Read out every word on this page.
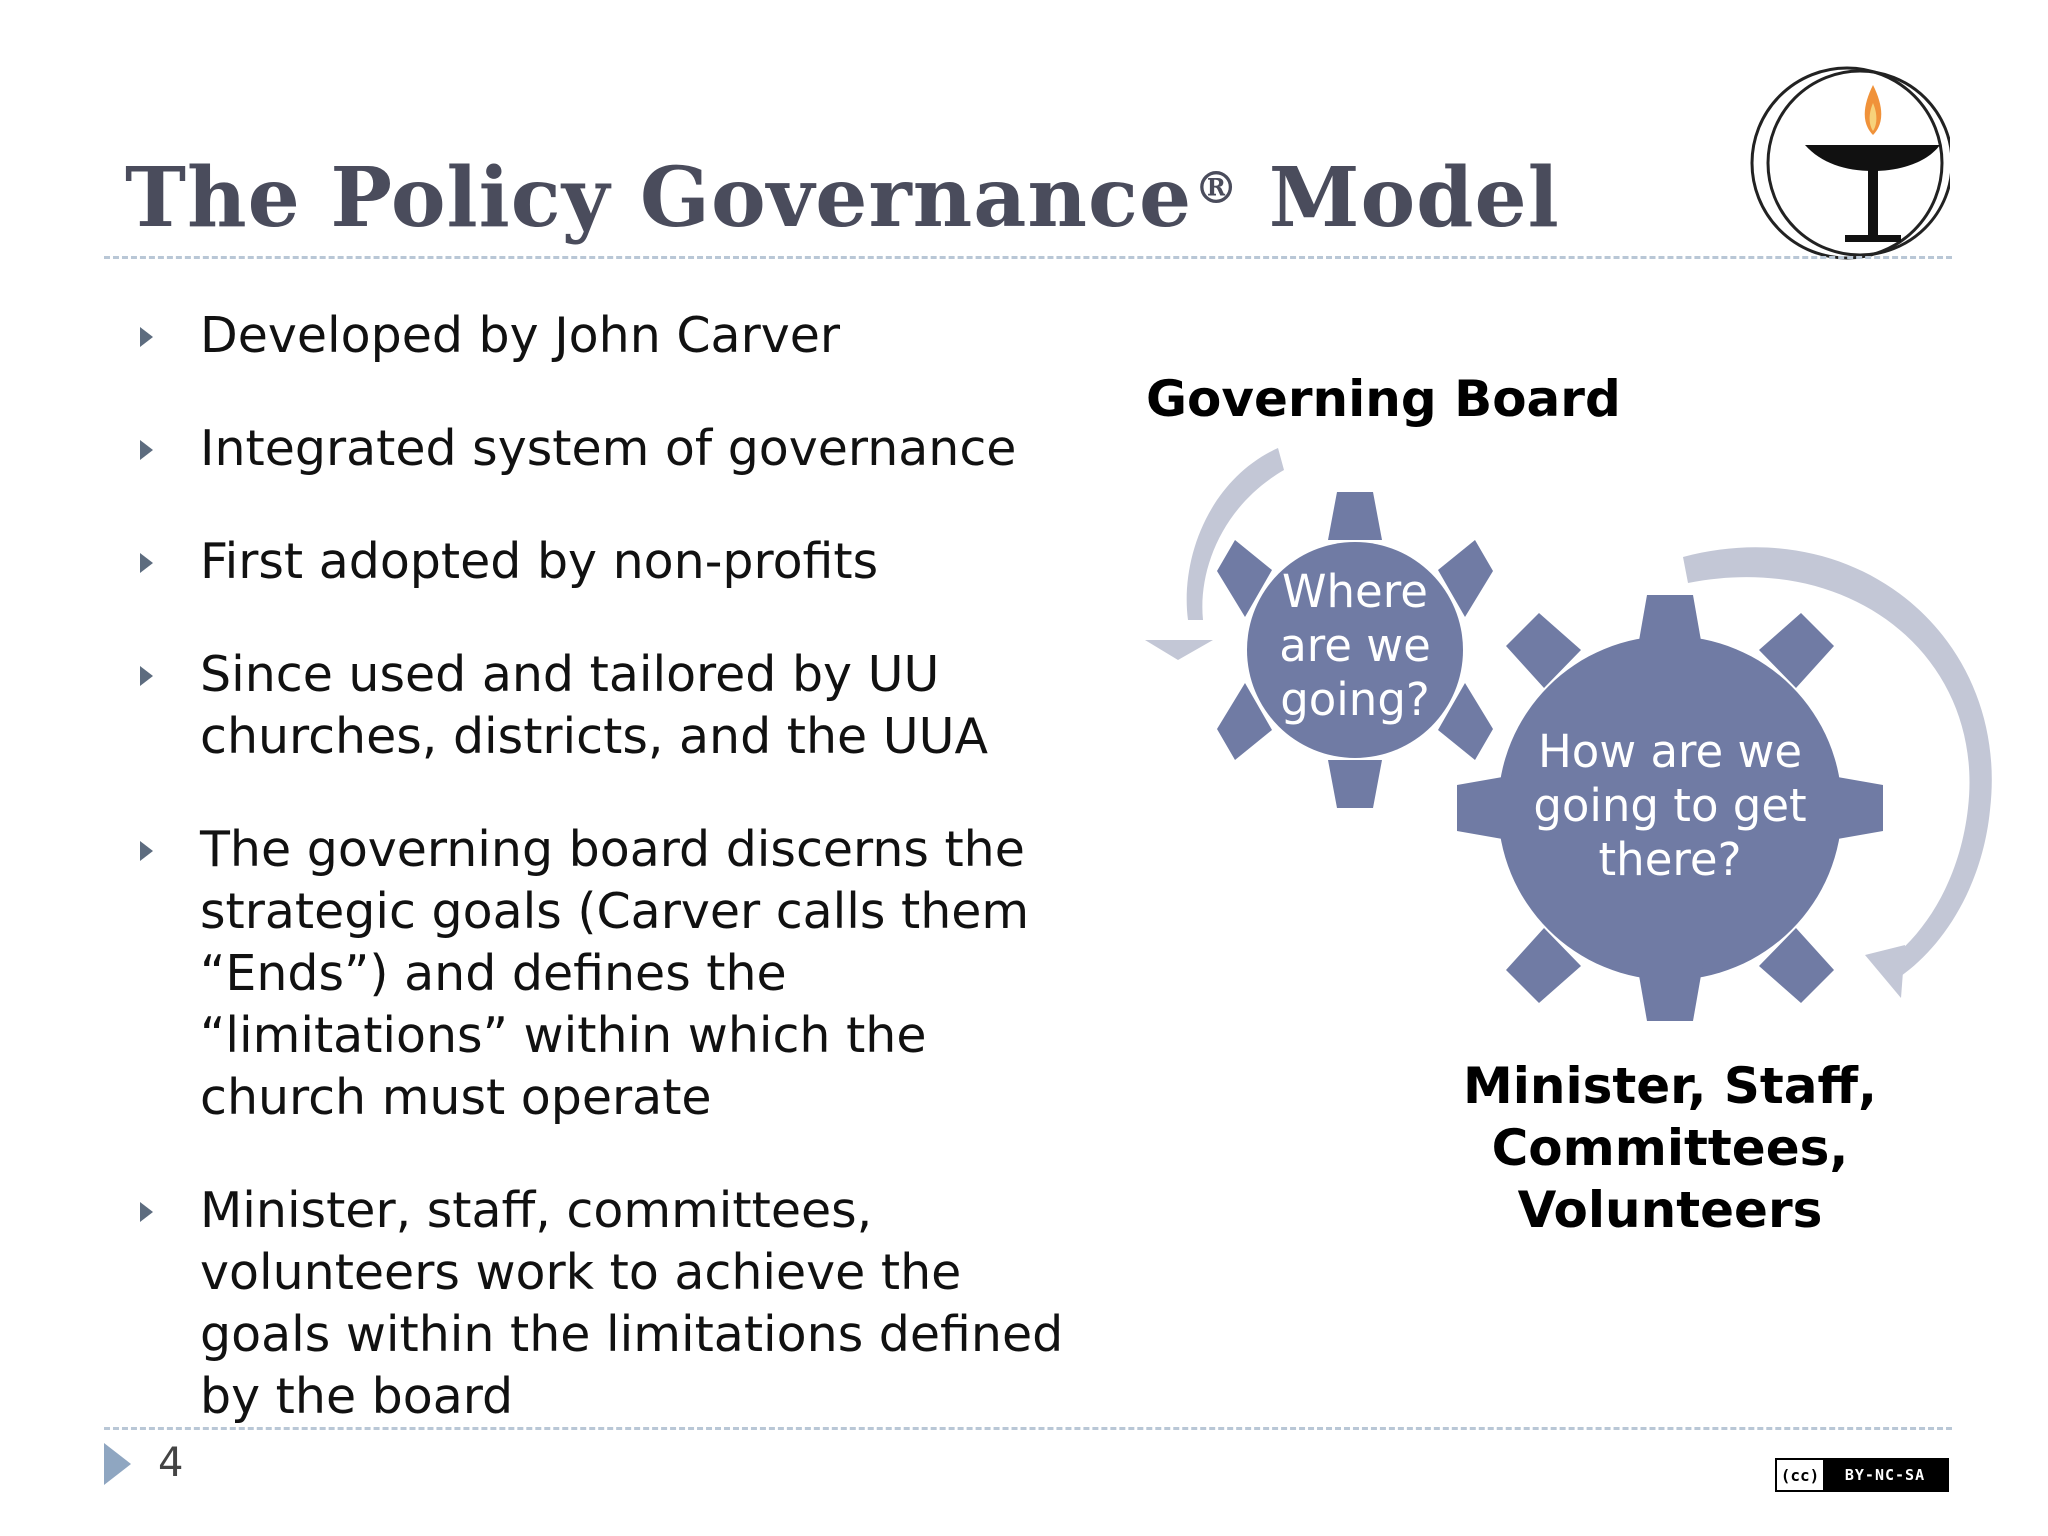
The Policy Governance® Model
Developed by John Carver
Integrated system of governance
First adopted by non-profits
Since used and tailored by UU churches, districts, and the UUA
The governing board discerns the strategic goals (Carver calls them “Ends”) and defines the “limitations” within which the church must operate
Minister, staff, committees, volunteers work to achieve the goals within the limitations defined by the board
Governing Board
Where are we going?
How are we going to get there?
Minister, Staff, Committees, Volunteers
4	(cc)	BY-NC-SA
